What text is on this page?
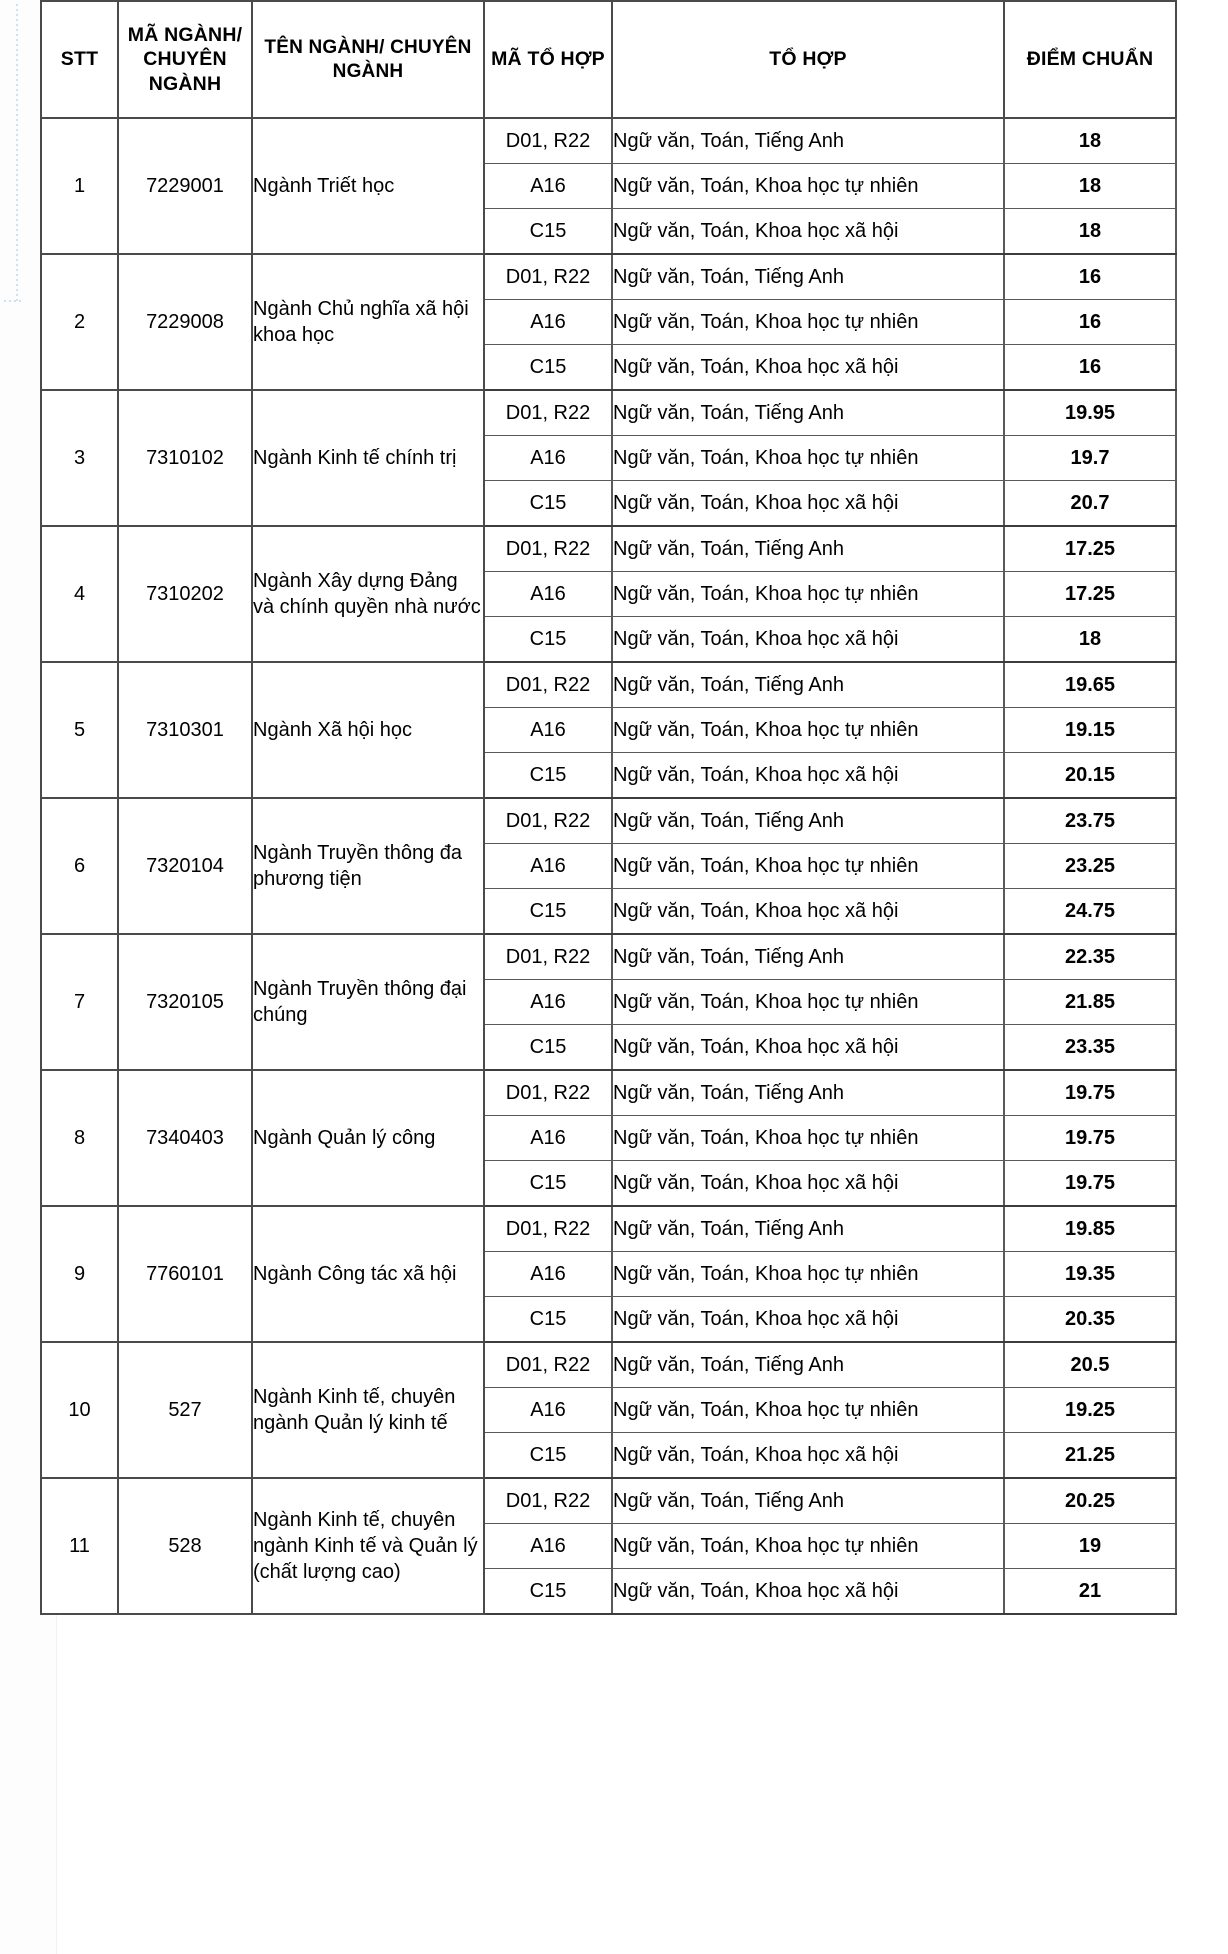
STT	MÃ NGÀNH/ CHUYÊN NGÀNH	TÊN NGÀNH/ CHUYÊN NGÀNH	MÃ TỔ HỢP	TỔ HỢP	ĐIỂM CHUẨN
1	7229001	Ngành Triết học	D01, R22	Ngữ văn, Toán, Tiếng Anh	18
			A16	Ngữ văn, Toán, Khoa học tự nhiên	18
			C15	Ngữ văn, Toán, Khoa học xã hội	18
2	7229008	Ngành Chủ nghĩa xã hội khoa học	D01, R22	Ngữ văn, Toán, Tiếng Anh	16
			A16	Ngữ văn, Toán, Khoa học tự nhiên	16
			C15	Ngữ văn, Toán, Khoa học xã hội	16
3	7310102	Ngành Kinh tế chính trị	D01, R22	Ngữ văn, Toán, Tiếng Anh	19.95
			A16	Ngữ văn, Toán, Khoa học tự nhiên	19.7
			C15	Ngữ văn, Toán, Khoa học xã hội	20.7
4	7310202	Ngành Xây dựng Đảng và chính quyền nhà nước	D01, R22	Ngữ văn, Toán, Tiếng Anh	17.25
			A16	Ngữ văn, Toán, Khoa học tự nhiên	17.25
			C15	Ngữ văn, Toán, Khoa học xã hội	18
5	7310301	Ngành Xã hội học	D01, R22	Ngữ văn, Toán, Tiếng Anh	19.65
			A16	Ngữ văn, Toán, Khoa học tự nhiên	19.15
			C15	Ngữ văn, Toán, Khoa học xã hội	20.15
6	7320104	Ngành Truyền thông đa phương tiện	D01, R22	Ngữ văn, Toán, Tiếng Anh	23.75
			A16	Ngữ văn, Toán, Khoa học tự nhiên	23.25
			C15	Ngữ văn, Toán, Khoa học xã hội	24.75
7	7320105	Ngành Truyền thông đại chúng	D01, R22	Ngữ văn, Toán, Tiếng Anh	22.35
			A16	Ngữ văn, Toán, Khoa học tự nhiên	21.85
			C15	Ngữ văn, Toán, Khoa học xã hội	23.35
8	7340403	Ngành Quản lý công	D01, R22	Ngữ văn, Toán, Tiếng Anh	19.75
			A16	Ngữ văn, Toán, Khoa học tự nhiên	19.75
			C15	Ngữ văn, Toán, Khoa học xã hội	19.75
9	7760101	Ngành Công tác xã hội	D01, R22	Ngữ văn, Toán, Tiếng Anh	19.85
			A16	Ngữ văn, Toán, Khoa học tự nhiên	19.35
			C15	Ngữ văn, Toán, Khoa học xã hội	20.35
10	527	Ngành Kinh tế, chuyên ngành Quản lý kinh tế	D01, R22	Ngữ văn, Toán, Tiếng Anh	20.5
			A16	Ngữ văn, Toán, Khoa học tự nhiên	19.25
			C15	Ngữ văn, Toán, Khoa học xã hội	21.25
11	528	Ngành Kinh tế, chuyên ngành Kinh tế và Quản lý (chất lượng cao)	D01, R22	Ngữ văn, Toán, Tiếng Anh	20.25
			A16	Ngữ văn, Toán, Khoa học tự nhiên	19
			C15	Ngữ văn, Toán, Khoa học xã hội	21
